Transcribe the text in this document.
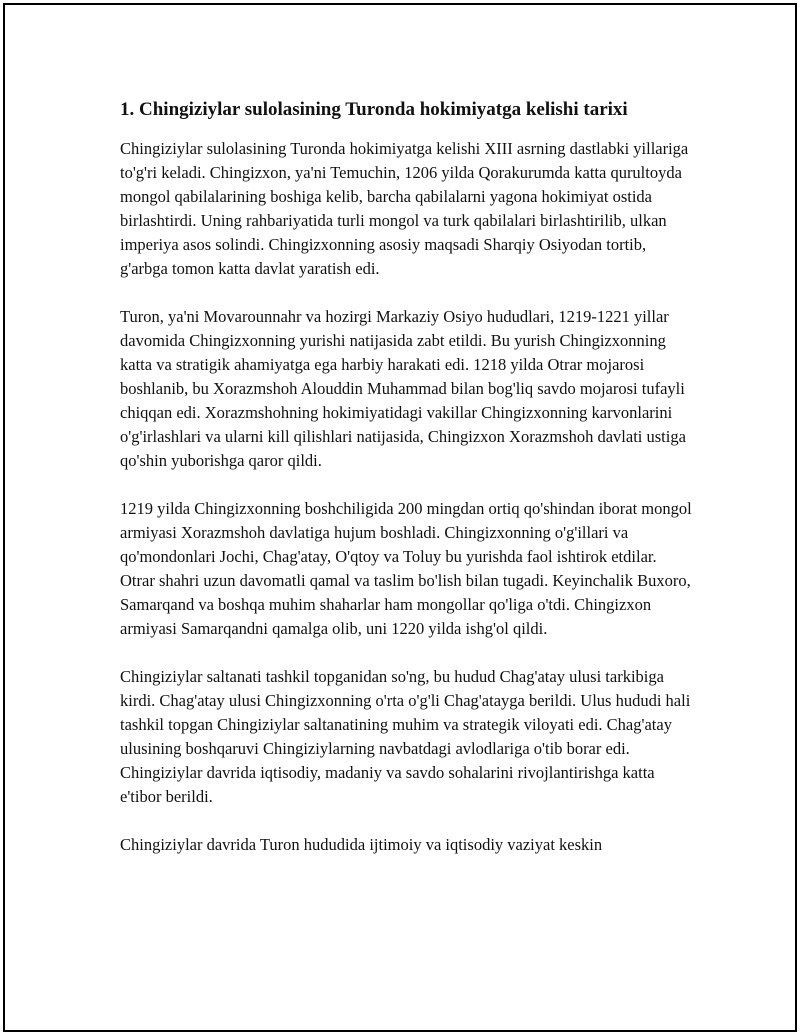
1. Chingiziylar sulolasining Turonda hokimiyatga kelishi tarixi

Chingiziylar sulolasining Turonda hokimiyatga kelishi XIII asrning dastlabki yillariga to'g'ri keladi. Chingizxon, ya'ni Temuchin, 1206 yilda Qorakurumda katta qurultoyda mongol qabilalarining boshiga kelib, barcha qabilalarni yagona hokimiyat ostida birlashtirdi. Uning rahbariyatida turli mongol va turk qabilalari birlashtirilib, ulkan imperiya asos solindi. Chingizxonning asosiy maqsadi Sharqiy Osiyodan tortib, g'arbga tomon katta davlat yaratish edi.

Turon, ya'ni Movarounnahr va hozirgi Markaziy Osiyo hududlari, 1219-1221 yillar davomida Chingizxonning yurishi natijasida zabt etildi. Bu yurish Chingizxonning katta va stratigik ahamiyatga ega harbiy harakati edi. 1218 yilda Otrar mojarosi boshlanib, bu Xorazmshoh Alouddin Muhammad bilan bog'liq savdo mojarosi tufayli chiqqan edi. Xorazmshohning hokimiyatidagi vakillar Chingizxonning karvonlarini o'g'irlashlari va ularni kill qilishlari natijasida, Chingizxon Xorazmshoh davlati ustiga qo'shin yuborishga qaror qildi.

1219 yilda Chingizxonning boshchiligida 200 mingdan ortiq qo'shindan iborat mongol armiyasi Xorazmshoh davlatiga hujum boshladi. Chingizxonning o'g'illari va qo'mondonlari Jochi, Chag'atay, O'qtoy va Toluy bu yurishda faol ishtirok etdilar. Otrar shahri uzun davomatli qamal va taslim bo'lish bilan tugadi. Keyinchalik Buxoro, Samarqand va boshqa muhim shaharlar ham mongollar qo'liga o'tdi. Chingizxon armiyasi Samarqandni qamalga olib, uni 1220 yilda ishg'ol qildi.

Chingiziylar saltanati tashkil topganidan so'ng, bu hudud Chag'atay ulusi tarkibiga kirdi. Chag'atay ulusi Chingizxonning o'rta o'g'li Chag'atayga berildi. Ulus hududi hali tashkil topgan Chingiziylar saltanatining muhim va strategik viloyati edi. Chag'atay ulusining boshqaruvi Chingiziylarning navbatdagi avlodlariga o'tib borar edi. Chingiziylar davrida iqtisodiy, madaniy va savdo sohalarini rivojlantirishga katta e'tibor berildi.

Chingiziylar davrida Turon hududida ijtimoiy va iqtisodiy vaziyat keskin
